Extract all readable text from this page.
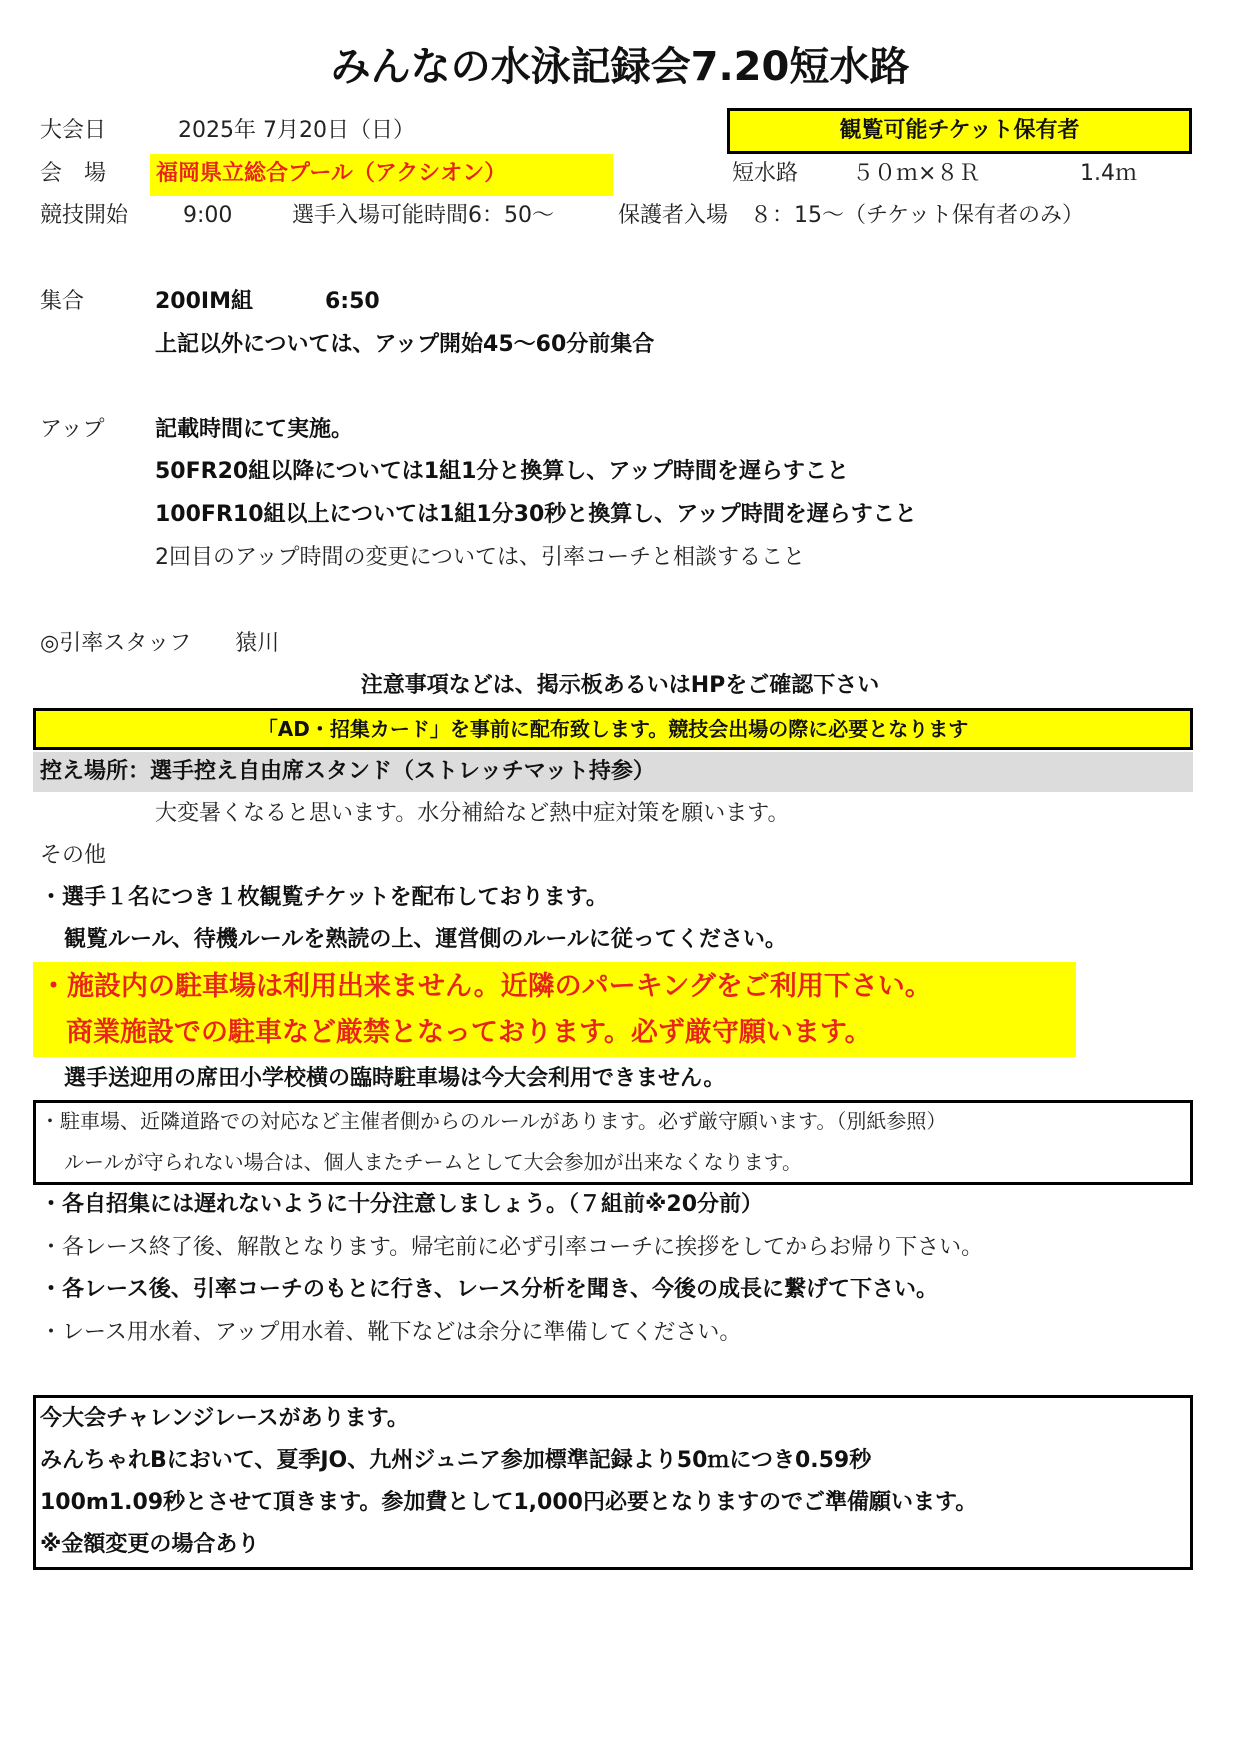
みんなの水泳記録会7.20短水路
観覧可能チケット保有者
大会日	2025年 7月20日（日）
会　場 福岡県立総合プール（アクシオン）	短水路 ５０ｍ×８Ｒ	1.4ｍ
競技開始 9:00	選手入場可能時間6：50〜	保護者入場　８：15〜（チケット保有者のみ）
集合	200IM組	6:50
上記以外については、アップ開始45〜60分前集合
アップ 記載時間にて実施。
50FR20組以降については1組1分と換算し、アップ時間を遅らすこと
100FR10組以上については1組1分30秒と換算し、アップ時間を遅らすこと
2回目のアップ時間の変更については、引率コーチと相談すること
◎引率スタッフ　　猿川
注意事項などは、掲示板あるいはHPをご確認下さい
「AD・招集カード」を事前に配布致します。競技会出場の際に必要となります
控え場所：選手控え自由席スタンド（ストレッチマット持参）
大変暑くなると思います。水分補給など熱中症対策を願います。
その他
・選手１名につき１枚観覧チケットを配布しております。
観覧ルール、待機ルールを熟読の上、運営側のルールに従ってください。
・施設内の駐車場は利用出来ません。近隣のパーキングをご利用下さい。
商業施設での駐車など厳禁となっております。必ず厳守願います。
選手送迎用の席田小学校横の臨時駐車場は今大会利用できません。
・駐車場、近隣道路での対応など主催者側からのルールがあります。必ず厳守願います。（別紙参照）
ルールが守られない場合は、個人またチームとして大会参加が出来なくなります。
・各自招集には遅れないように十分注意しましょう。（７組前※20分前）
・各レース終了後、解散となります。帰宅前に必ず引率コーチに挨拶をしてからお帰り下さい。
・各レース後、引率コーチのもとに行き、レース分析を聞き、今後の成長に繋げて下さい。
・レース用水着、アップ用水着、靴下などは余分に準備してください。
今大会チャレンジレースがあります。
みんちゃれBにおいて、夏季JO、九州ジュニア参加標準記録より50ｍにつき0.59秒
100m1.09秒とさせて頂きます。参加費として1,000円必要となりますのでご準備願います。
※金額変更の場合あり
